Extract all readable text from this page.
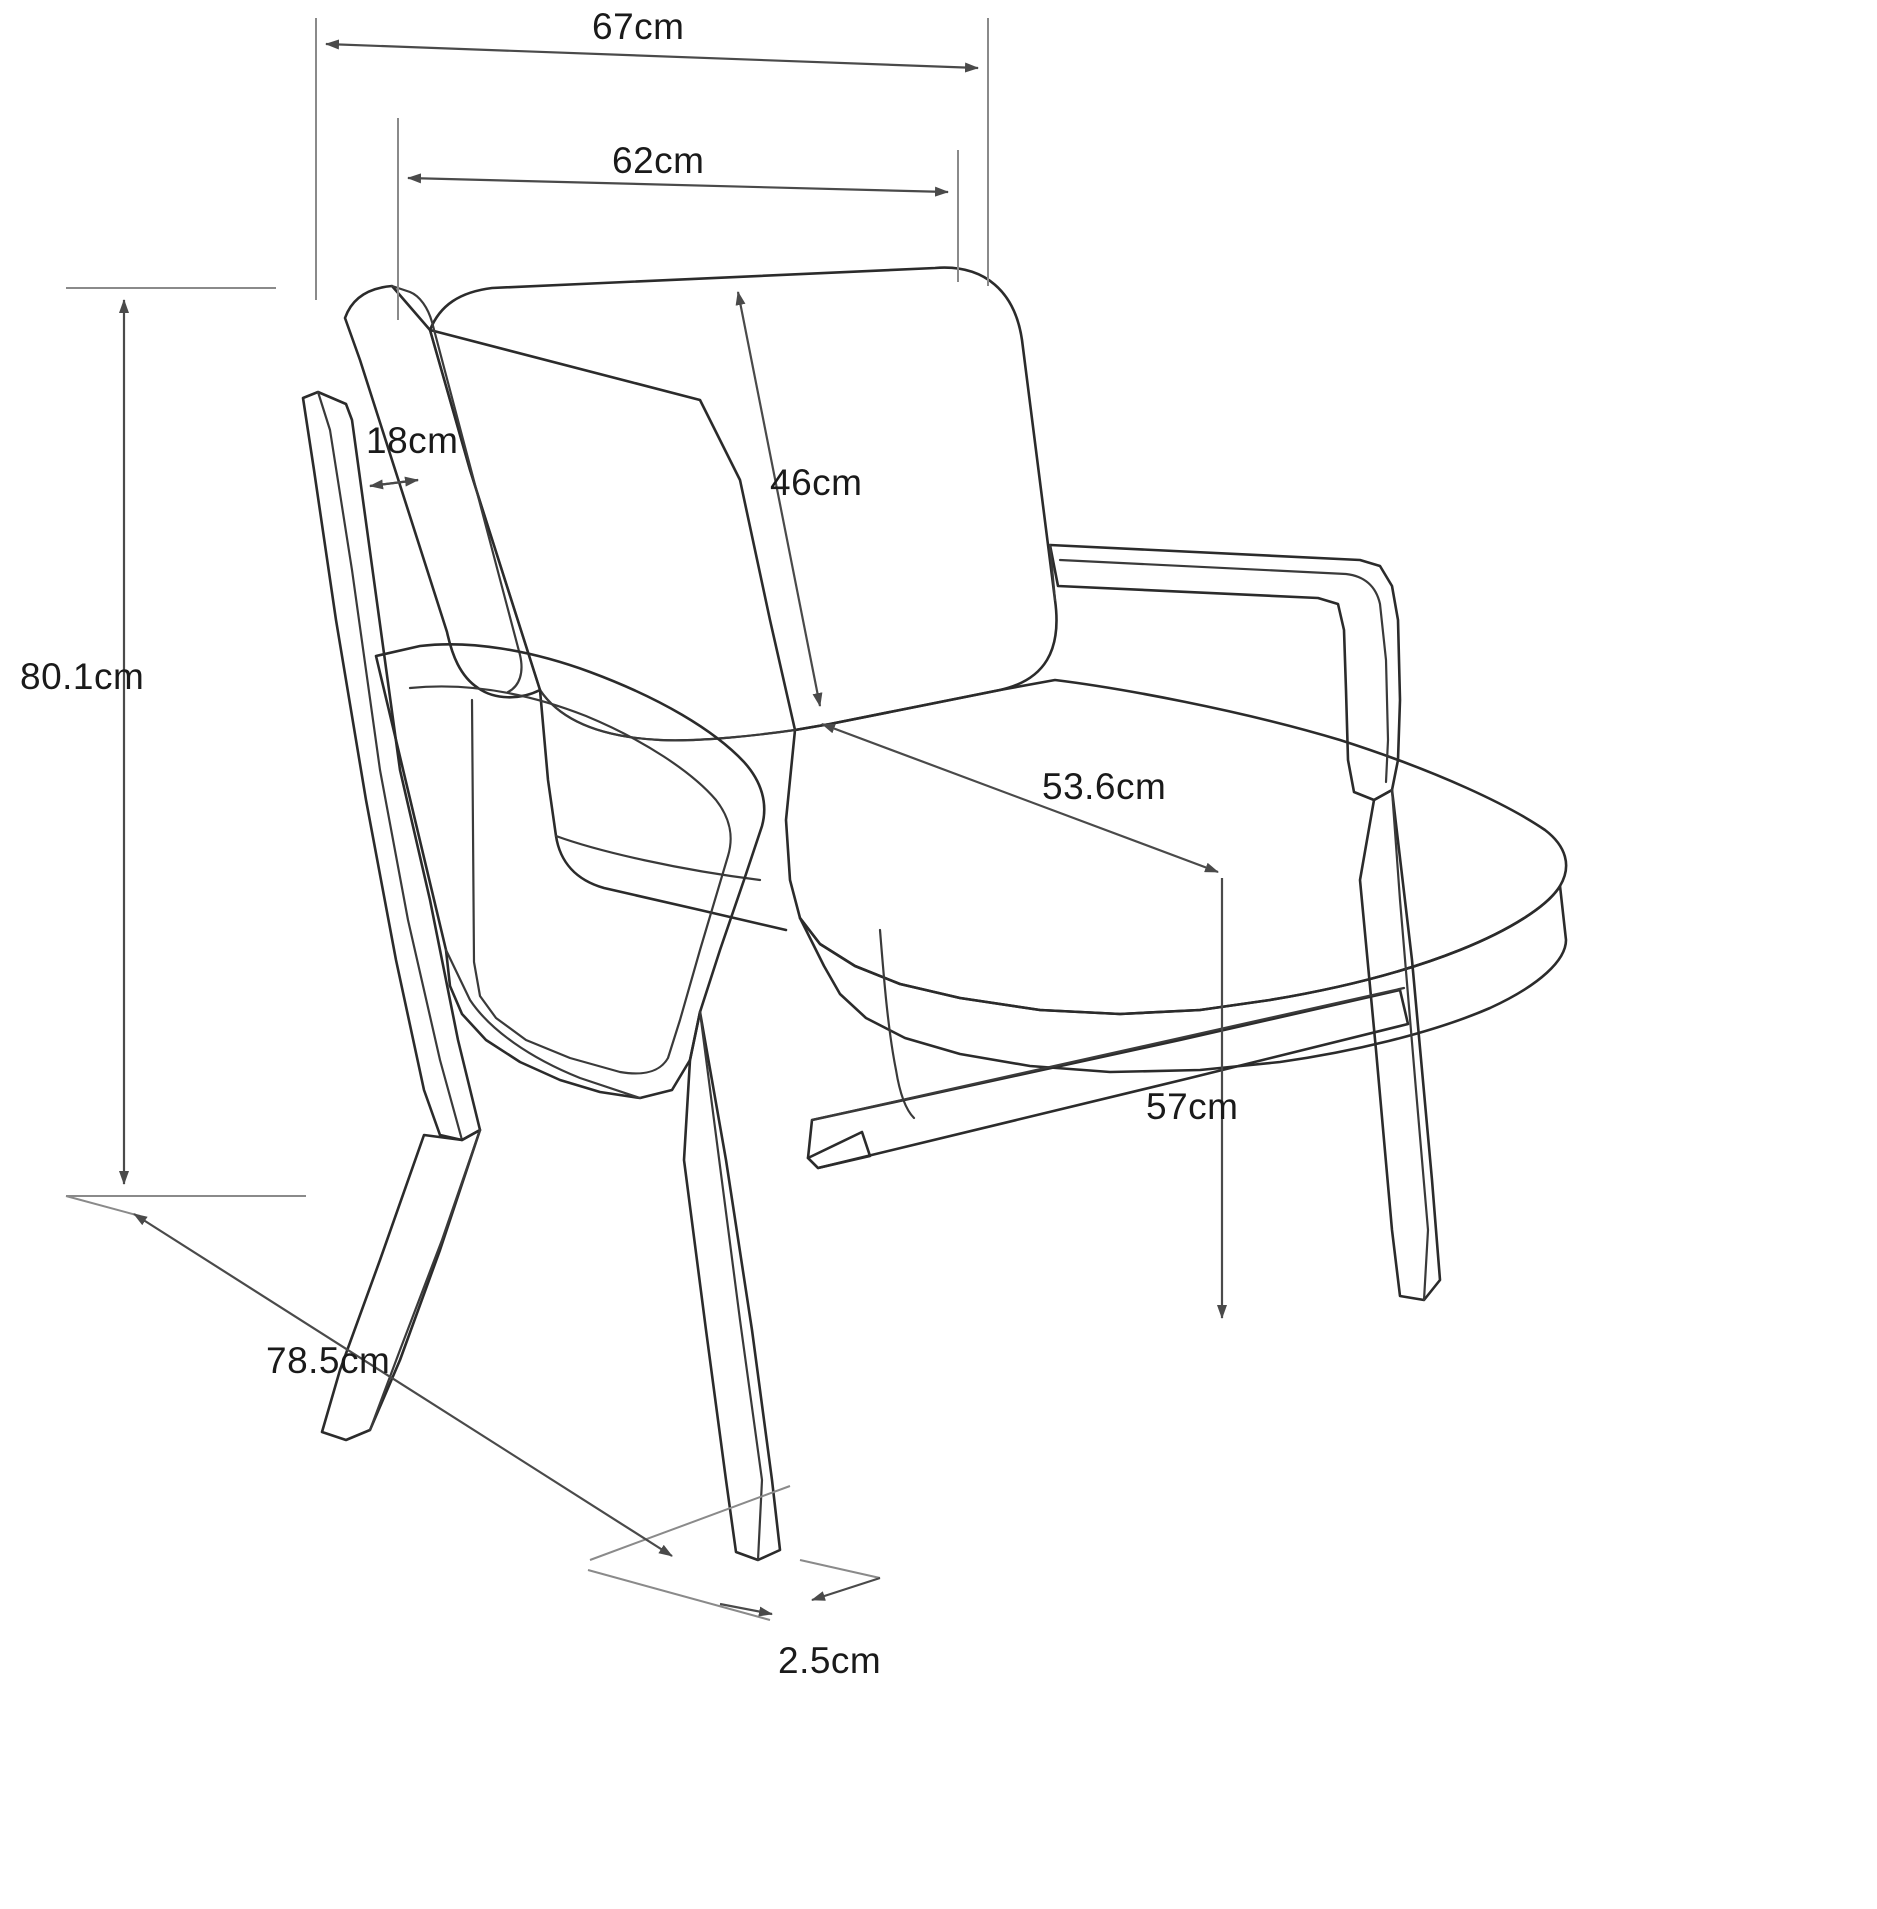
67cm
62cm
80.1cm
18cm
46cm
53.6cm
78.5cm
57cm
2.5cm
